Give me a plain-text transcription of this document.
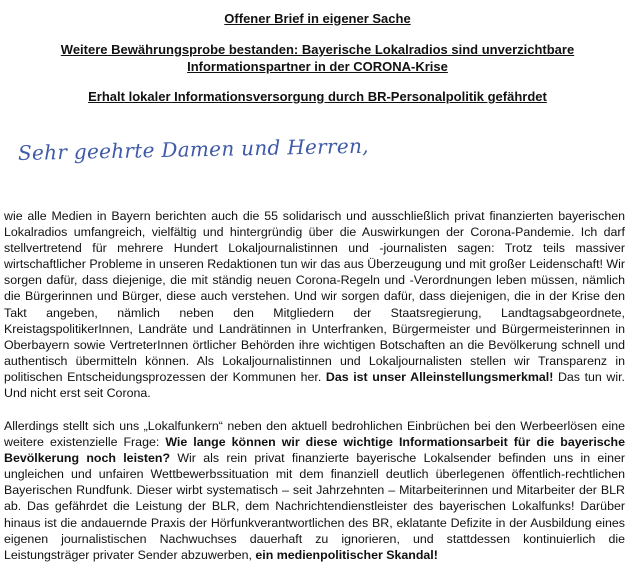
Offener Brief in eigener Sache

Weitere Bewährungsprobe bestanden: Bayerische Lokalradios sind unverzichtbare Informationspartner in der CORONA-Krise

Erhalt lokaler Informationsversorgung durch BR-Personalpolitik gefährdet

Sehr geehrte Damen und Herren,

wie alle Medien in Bayern berichten auch die 55 solidarisch und ausschließlich privat finanzierten bayerischen Lokalradios umfangreich, vielfältig und hintergründig über die Auswirkungen der Corona-Pandemie. Ich darf stellvertretend für mehrere Hundert Lokaljournalistinnen und -journalisten sagen: Trotz teils massiver wirtschaftlicher Probleme in unseren Redaktionen tun wir das aus Überzeugung und mit großer Leidenschaft! Wir sorgen dafür, dass diejenige, die mit ständig neuen Corona-Regeln und -Verordnungen leben müssen, nämlich die Bürgerinnen und Bürger, diese auch verstehen. Und wir sorgen dafür, dass diejenigen, die in der Krise den Takt angeben, nämlich neben den Mitgliedern der Staatsregierung, Landtagsabgeordnete, KreistagspolitikerInnen, Landräte und Landrätinnen in Unterfranken, Bürgermeister und Bürgermeisterinnen in Oberbayern sowie VertreterInnen örtlicher Behörden ihre wichtigen Botschaften an die Bevölkerung schnell und authentisch übermitteln können. Als Lokaljournalistinnen und Lokaljournalisten stellen wir Transparenz in politischen Entscheidungsprozessen der Kommunen her. Das ist unser Alleinstellungsmerkmal! Das tun wir. Und nicht erst seit Corona.

Allerdings stellt sich uns „Lokalfunkern“ neben den aktuell bedrohlichen Einbrüchen bei den Werbeerlösen eine weitere existenzielle Frage: Wie lange können wir diese wichtige Informationsarbeit für die bayerische Bevölkerung noch leisten? Wir als rein privat finanzierte bayerische Lokalsender befinden uns in einer ungleichen und unfairen Wettbewerbssituation mit dem finanziell deutlich überlegenen öffentlich-rechtlichen Bayerischen Rundfunk. Dieser wirbt systematisch – seit Jahrzehnten – Mitarbeiterinnen und Mitarbeiter der BLR ab. Das gefährdet die Leistung der BLR, dem Nachrichtendienstleister des bayerischen Lokalfunks! Darüber hinaus ist die andauernde Praxis der Hörfunkverantwortlichen des BR, eklatante Defizite in der Ausbildung eines eigenen journalistischen Nachwuchses dauerhaft zu ignorieren, und stattdessen kontinuierlich die Leistungsträger privater Sender abzuwerben, ein medienpolitischer Skandal!
